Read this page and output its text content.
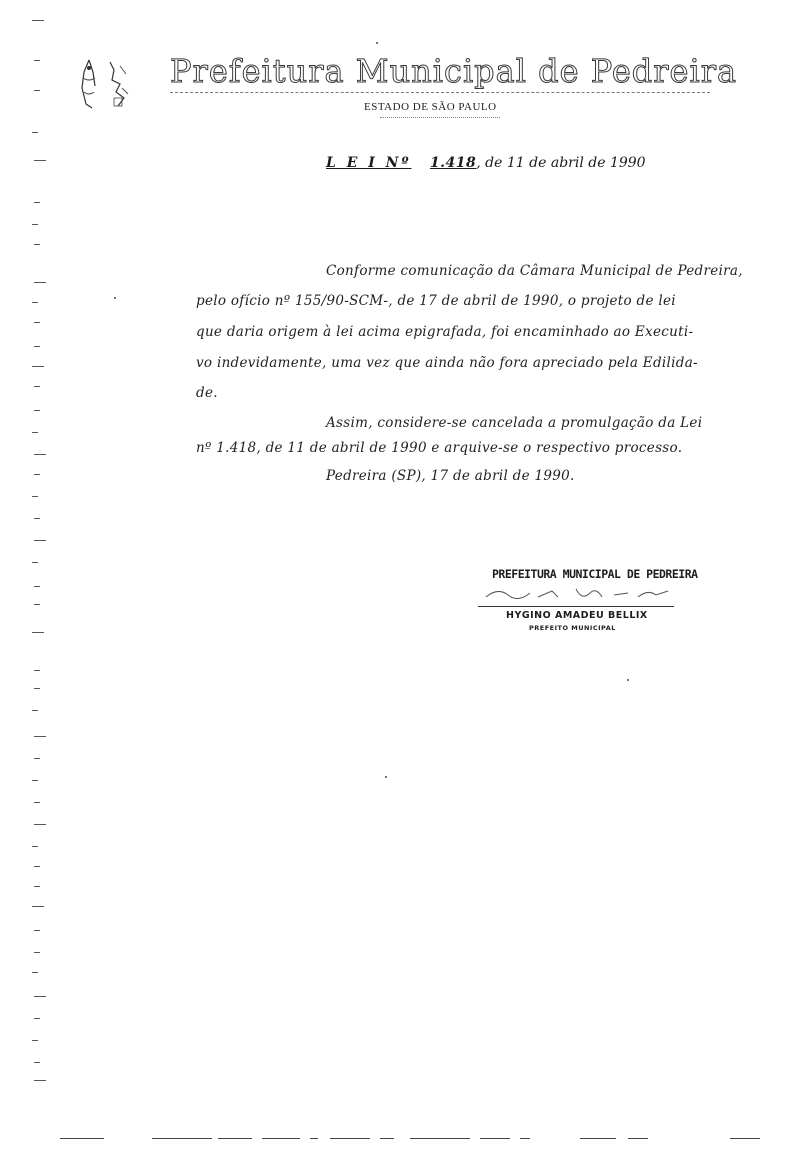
Prefeitura Municipal de Pedreira
ESTADO DE SÃO PAULO
L E I Nº 1.418, de 11 de abril de 1990
Conforme comunicação da Câmara Municipal de Pedreira,
pelo ofício nº 155/90-SCM-, de 17 de abril de 1990, o projeto de lei
que daria origem à lei acima epigrafada, foi encaminhado ao Executi-
vo indevidamente, uma vez que ainda não fora apreciado pela Edilida-
de.
Assim, considere-se cancelada a promulgação da Lei
nº 1.418, de 11 de abril de 1990 e arquive-se o respectivo processo.
Pedreira (SP), 17 de abril de 1990.
PREFEITURA MUNICIPAL DE PEDREIRA
HYGINO AMADEU BELLIX
PREFEITO MUNICIPAL
